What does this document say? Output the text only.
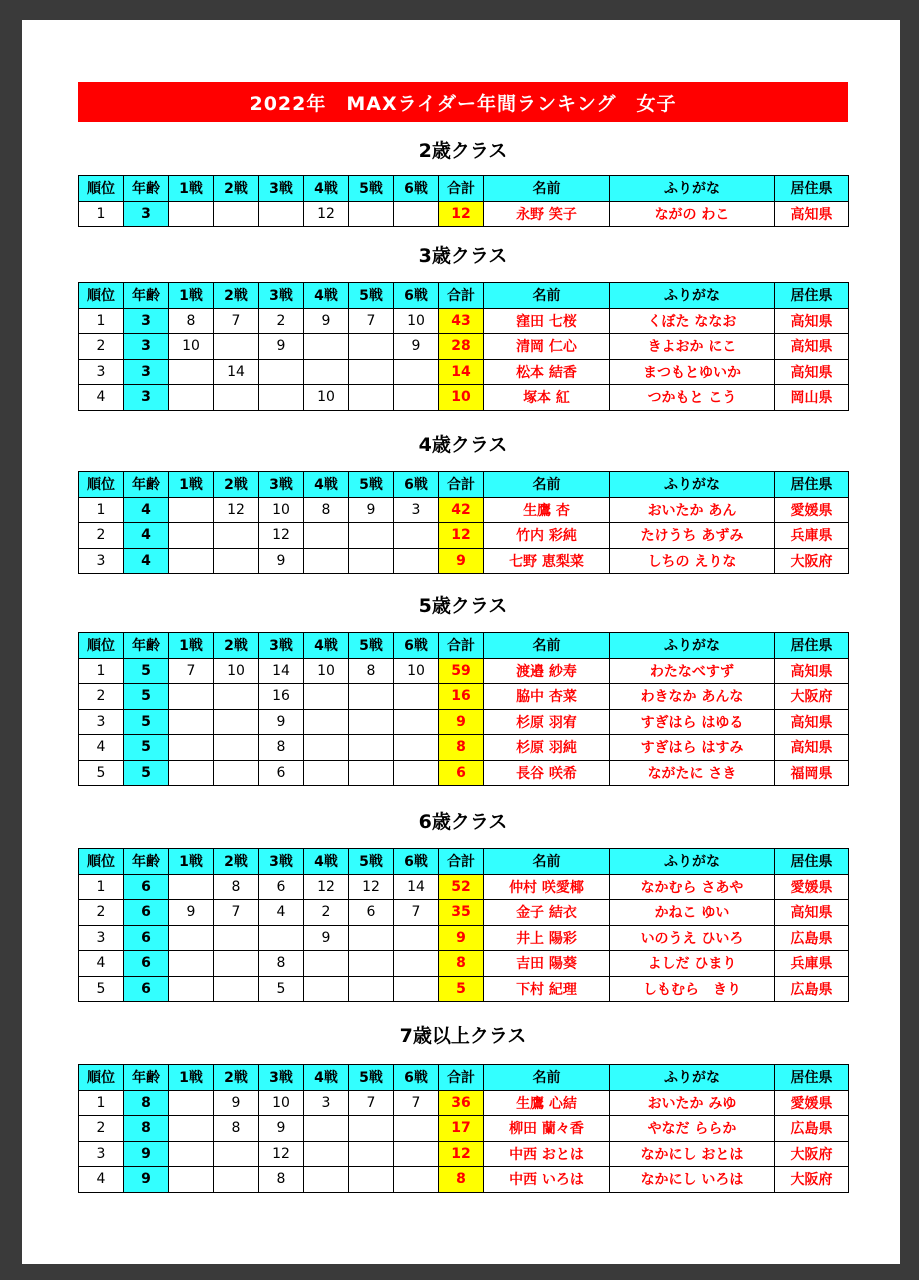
2022年　MAXライダー年間ランキング　女子
2歳クラス
順位	年齢	1戦	2戦	3戦	4戦	5戦	6戦	合計	名前	ふりがな	居住県
1	3				12			12	永野 笑子	ながの わこ	高知県
3歳クラス
順位	年齢	1戦	2戦	3戦	4戦	5戦	6戦	合計	名前	ふりがな	居住県
1	3	8	7	2	9	7	10	43	窪田 七桜	くぼた ななお	高知県
2	3	10		9			9	28	清岡 仁心	きよおか にこ	高知県
3	3		14					14	松本 結香	まつもとゆいか	高知県
4	3				10			10	塚本 紅	つかもと こう	岡山県
4歳クラス
順位	年齢	1戦	2戦	3戦	4戦	5戦	6戦	合計	名前	ふりがな	居住県
1	4		12	10	8	9	3	42	生鷹 杏	おいたか あん	愛媛県
2	4			12				12	竹内 彩純	たけうち あずみ	兵庫県
3	4			9				9	七野 恵梨菜	しちの えりな	大阪府
5歳クラス
順位	年齢	1戦	2戦	3戦	4戦	5戦	6戦	合計	名前	ふりがな	居住県
1	5	7	10	14	10	8	10	59	渡邉 紗寿	わたなべすず	高知県
2	5			16				16	脇中 杏菜	わきなか あんな	大阪府
3	5			9				9	杉原 羽宥	すぎはら はゆる	高知県
4	5			8				8	杉原 羽純	すぎはら はすみ	高知県
5	5			6				6	長谷 咲希	ながたに さき	福岡県
6歳クラス
順位	年齢	1戦	2戦	3戦	4戦	5戦	6戦	合計	名前	ふりがな	居住県
1	6		8	6	12	12	14	52	仲村 咲愛椰	なかむら さあや	愛媛県
2	6	9	7	4	2	6	7	35	金子 結衣	かねこ ゆい	高知県
3	6				9			9	井上 陽彩	いのうえ ひいろ	広島県
4	6			8				8	吉田 陽葵	よしだ ひまり	兵庫県
5	6			5				5	下村 紀理	しもむら　きり	広島県
7歳以上クラス
順位	年齢	1戦	2戦	3戦	4戦	5戦	6戦	合計	名前	ふりがな	居住県
1	8		9	10	3	7	7	36	生鷹 心結	おいたか みゆ	愛媛県
2	8		8	9				17	柳田 蘭々香	やなだ ららか	広島県
3	9			12				12	中西 おとは	なかにし おとは	大阪府
4	9			8				8	中西 いろは	なかにし いろは	大阪府
